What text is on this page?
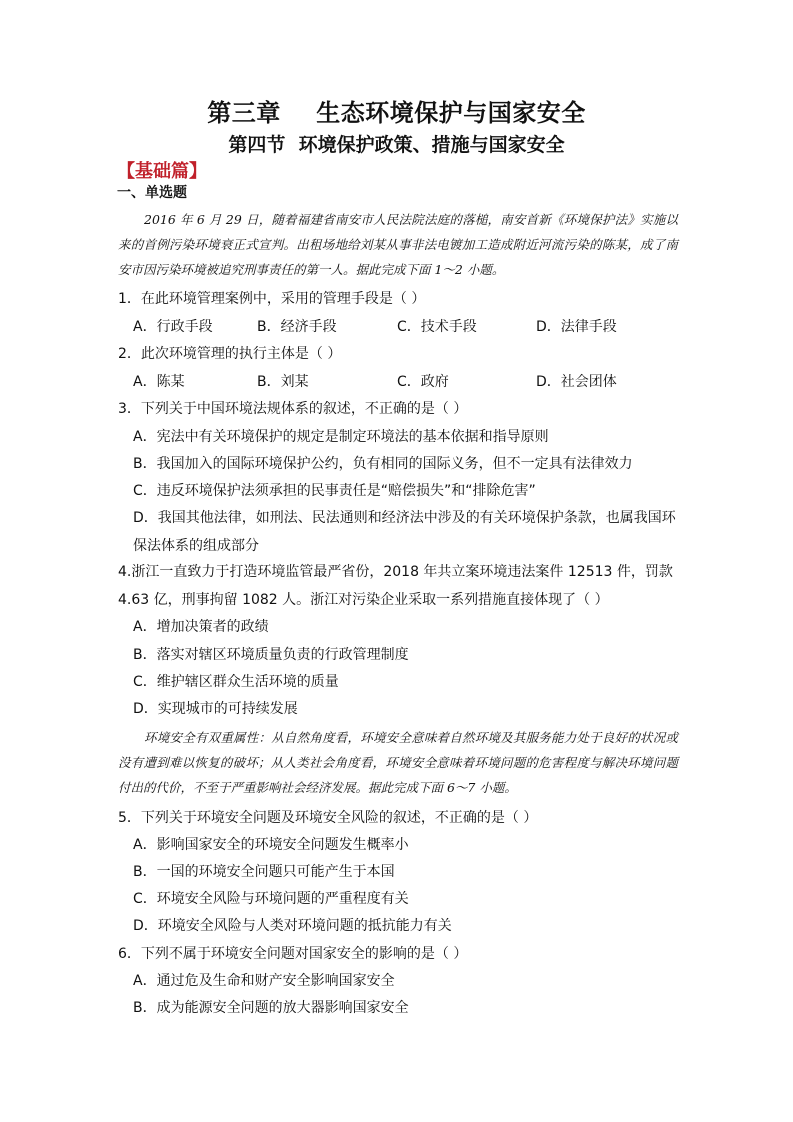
第三章    生态环境保护与国家安全
第四节  环境保护政策、措施与国家安全
【基础篇】
一、单选题
2016 年 6 月 29 日，随着福建省南安市人民法院法庭的落槌，南安首新《环境保护法》实施以来的首例污染环境衰正式宣判。出租场地给刘某从事非法电镀加工造成附近河流污染的陈某，成了南安市因污染环境被追究刑事责任的第一人。据此完成下面 1～2 小题。
1．在此环境管理案例中，采用的管理手段是（ ）
A．行政手段	B．经济手段	C．技术手段	D．法律手段
2．此次环境管理的执行主体是（ ）
A．陈某	B．刘某	C．政府	D．社会团体
3．下列关于中国环境法规体系的叙述，不正确的是（ ）
A．宪法中有关环境保护的规定是制定环境法的基本依据和指导原则
B．我国加入的国际环境保护公约，负有相同的国际义务，但不一定具有法律效力
C．违反环境保护法须承担的民事责任是“赔偿损失”和“排除危害”
D．我国其他法律，如刑法、民法通则和经济法中涉及的有关环境保护条款，也属我国环保法体系的组成部分
4.浙江一直致力于打造环境监管最严省份，2018 年共立案环境违法案件 12513 件，罚款 4.63 亿，刑事拘留 1082 人。浙江对污染企业采取一系列措施直接体现了（ ）
A．增加决策者的政绩
B．落实对辖区环境质量负责的行政管理制度
C．维护辖区群众生活环境的质量
D．实现城市的可持续发展
环境安全有双重属性：从自然角度看，环境安全意味着自然环境及其服务能力处于良好的状况或没有遭到难以恢复的破坏；从人类社会角度看，环境安全意味着环境问题的危害程度与解决环境问题付出的代价，不至于严重影响社会经济发展。据此完成下面 6～7 小题。
5．下列关于环境安全问题及环境安全风险的叙述，不正确的是（ ）
A．影响国家安全的环境安全问题发生概率小
B．一国的环境安全问题只可能产生于本国
C．环境安全风险与环境问题的严重程度有关
D．环境安全风险与人类对环境问题的抵抗能力有关
6．下列不属于环境安全问题对国家安全的影响的是（ ）
A．通过危及生命和财产安全影响国家安全
B．成为能源安全问题的放大器影响国家安全
